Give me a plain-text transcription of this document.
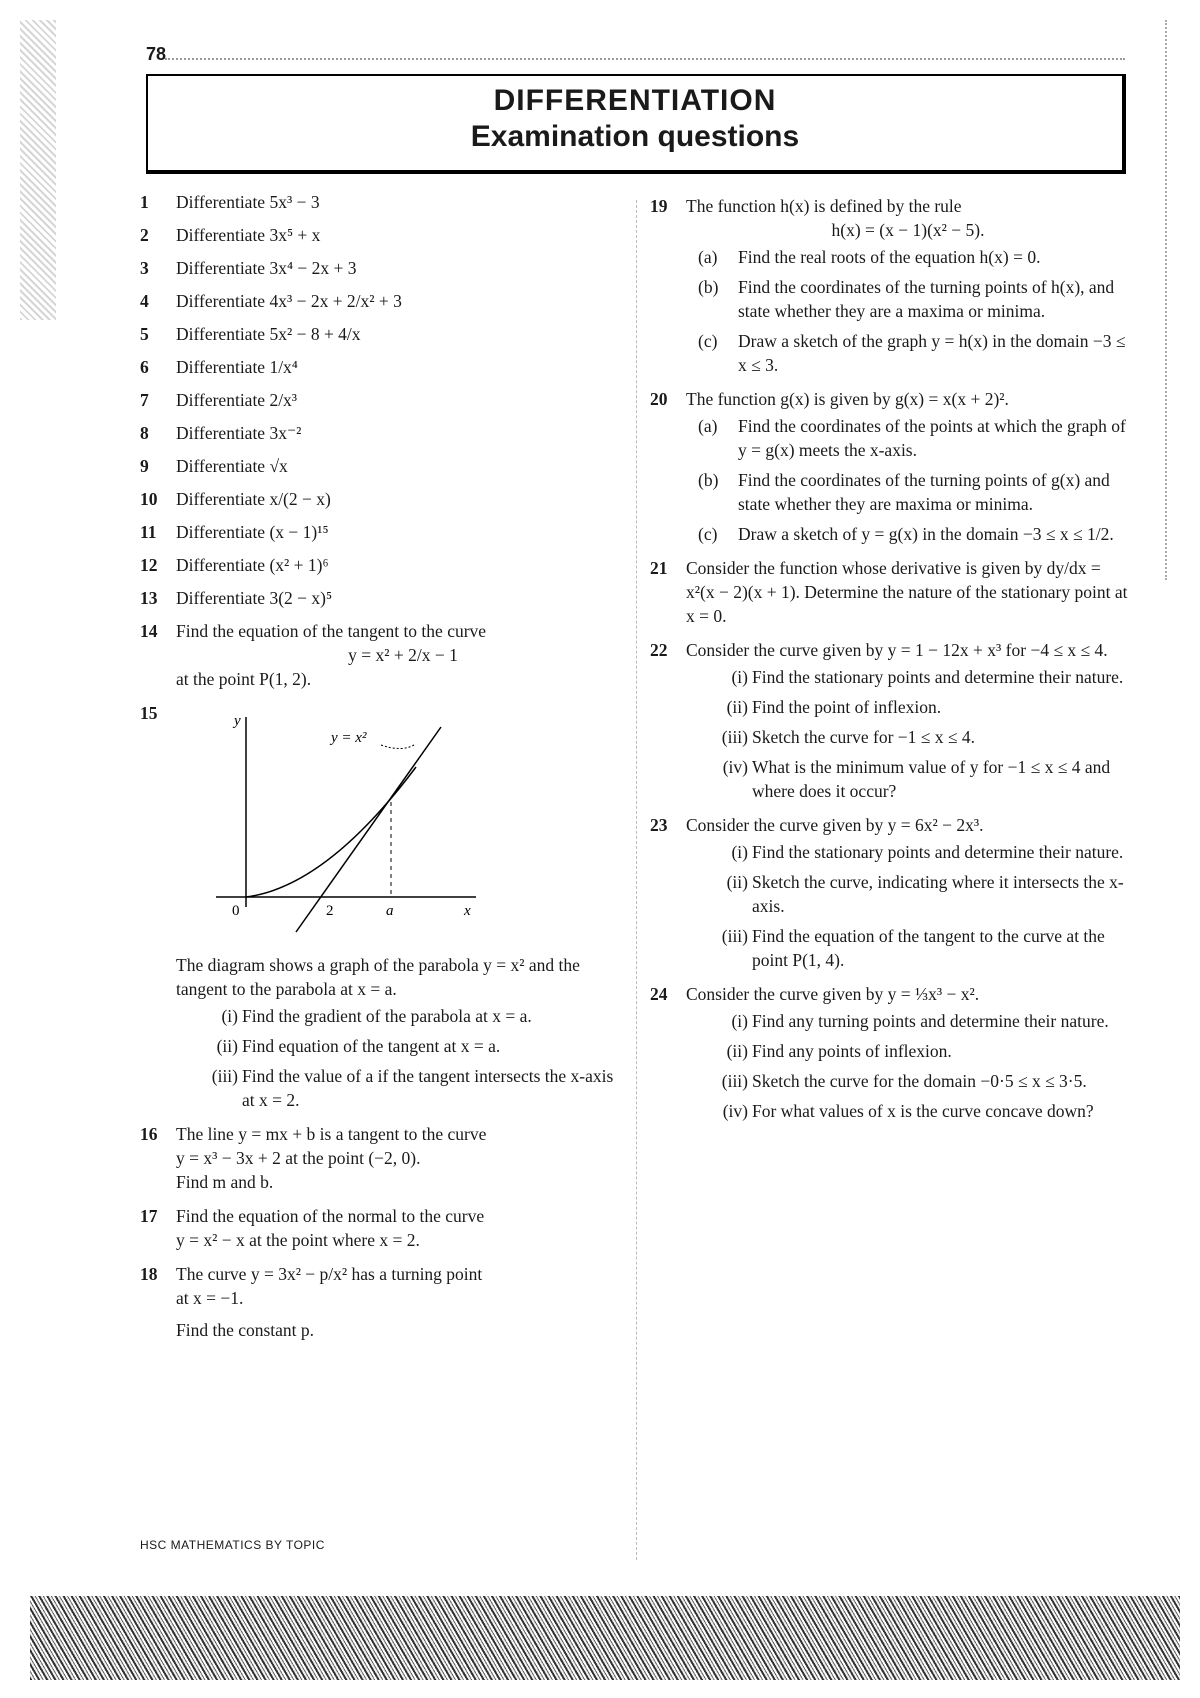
78
DIFFERENTIATION
Examination questions
1 Differentiate 5x³ − 3
2 Differentiate 3x⁵ + x
3 Differentiate 3x⁴ − 2x + 3
4 Differentiate 4x³ − 2x + 2/x² + 3
5 Differentiate 5x² − 8 + 4/x
6 Differentiate 1/x⁴
7 Differentiate 2/x³
8 Differentiate 3x⁻²
9 Differentiate √x
10 Differentiate x/(2 − x)
11 Differentiate (x − 1)¹⁵
12 Differentiate (x² + 1)⁶
13 Differentiate 3(2 − x)⁵
14 Find the equation of the tangent to the curve
y = x² + 2/x − 1
at the point P(1, 2).
15	y
x
0	2	a
y = x²
The diagram shows a graph of the parabola y = x² and the tangent to the parabola at x = a.
(i) Find the gradient of the parabola at x = a.
(ii) Find equation of the tangent at x = a.
(iii) Find the value of a if the tangent intersects the x-axis at x = 2.
16 The line y = mx + b is a tangent to the curve
y = x³ − 3x + 2 at the point (−2, 0).
Find m and b.
17 Find the equation of the normal to the curve
y = x² − x at the point where x = 2.
18 The curve y = 3x² − p/x² has a turning point
at x = −1.
Find the constant p.
19 The function h(x) is defined by the rule
h(x) = (x − 1)(x² − 5).
(a) Find the real roots of the equation h(x) = 0.
(b) Find the coordinates of the turning points of h(x), and state whether they are a maxima or minima.
(c) Draw a sketch of the graph y = h(x) in the domain −3 ≤ x ≤ 3.
20 The function g(x) is given by g(x) = x(x + 2)².
(a) Find the coordinates of the points at which the graph of y = g(x) meets the x-axis.
(b) Find the coordinates of the turning points of g(x) and state whether they are maxima or minima.
(c) Draw a sketch of y = g(x) in the domain −3 ≤ x ≤ 1/2.
21 Consider the function whose derivative is given by dy/dx = x²(x − 2)(x + 1). Determine the nature of the stationary point at x = 0.
22 Consider the curve given by y = 1 − 12x + x³ for −4 ≤ x ≤ 4.
(i) Find the stationary points and determine their nature.
(ii) Find the point of inflexion.
(iii) Sketch the curve for −1 ≤ x ≤ 4.
(iv) What is the minimum value of y for −1 ≤ x ≤ 4 and where does it occur?
23 Consider the curve given by y = 6x² − 2x³.
(i) Find the stationary points and determine their nature.
(ii) Sketch the curve, indicating where it intersects the x-axis.
(iii) Find the equation of the tangent to the curve at the point P(1, 4).
24 Consider the curve given by y = ⅓x³ − x².
(i) Find any turning points and determine their nature.
(ii) Find any points of inflexion.
(iii) Sketch the curve for the domain −0·5 ≤ x ≤ 3·5.
(iv) For what values of x is the curve concave down?
HSC MATHEMATICS BY TOPIC
